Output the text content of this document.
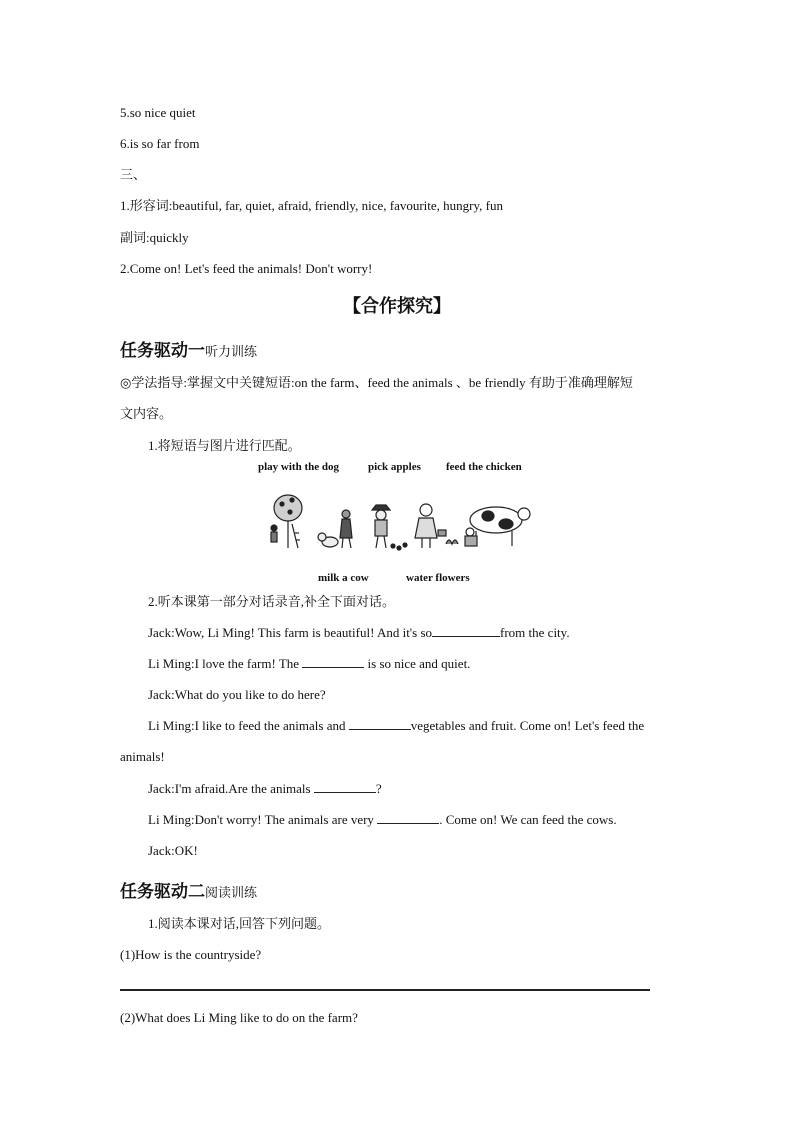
5.so nice quiet
6.is so far from
三、
1.形容词:beautiful, far, quiet, afraid, friendly, nice, favourite, hungry, fun
副词:quickly
2.Come on! Let's feed the animals! Don't worry!
【合作探究】
任务驱动一听力训练
◎学法指导:掌握文中关键短语:on the farm、feed the animals 、be friendly 有助于准确理解短
文内容。
1.将短语与图片进行匹配。
play with the dog	pick apples feed the chicken
milk a cow	water flowers
2.听本课第一部分对话录音,补全下面对话。
Jack:Wow, Li Ming! This farm is beautiful! And it's so	from the city.
Li Ming:I love the farm! The	is so nice and quiet.
Jack:What do you like to do here?
Li Ming:I like to feed the animals and	vegetables and fruit. Come on! Let's feed the
animals!
Jack:I'm afraid.Are the animals	?
Li Ming:Don't worry! The animals are very	. Come on! We can feed the cows.
Jack:OK!
任务驱动二阅读训练
1.阅读本课对话,回答下列问题。
(1)How is the countryside?
(2)What does Li Ming like to do on the farm?
